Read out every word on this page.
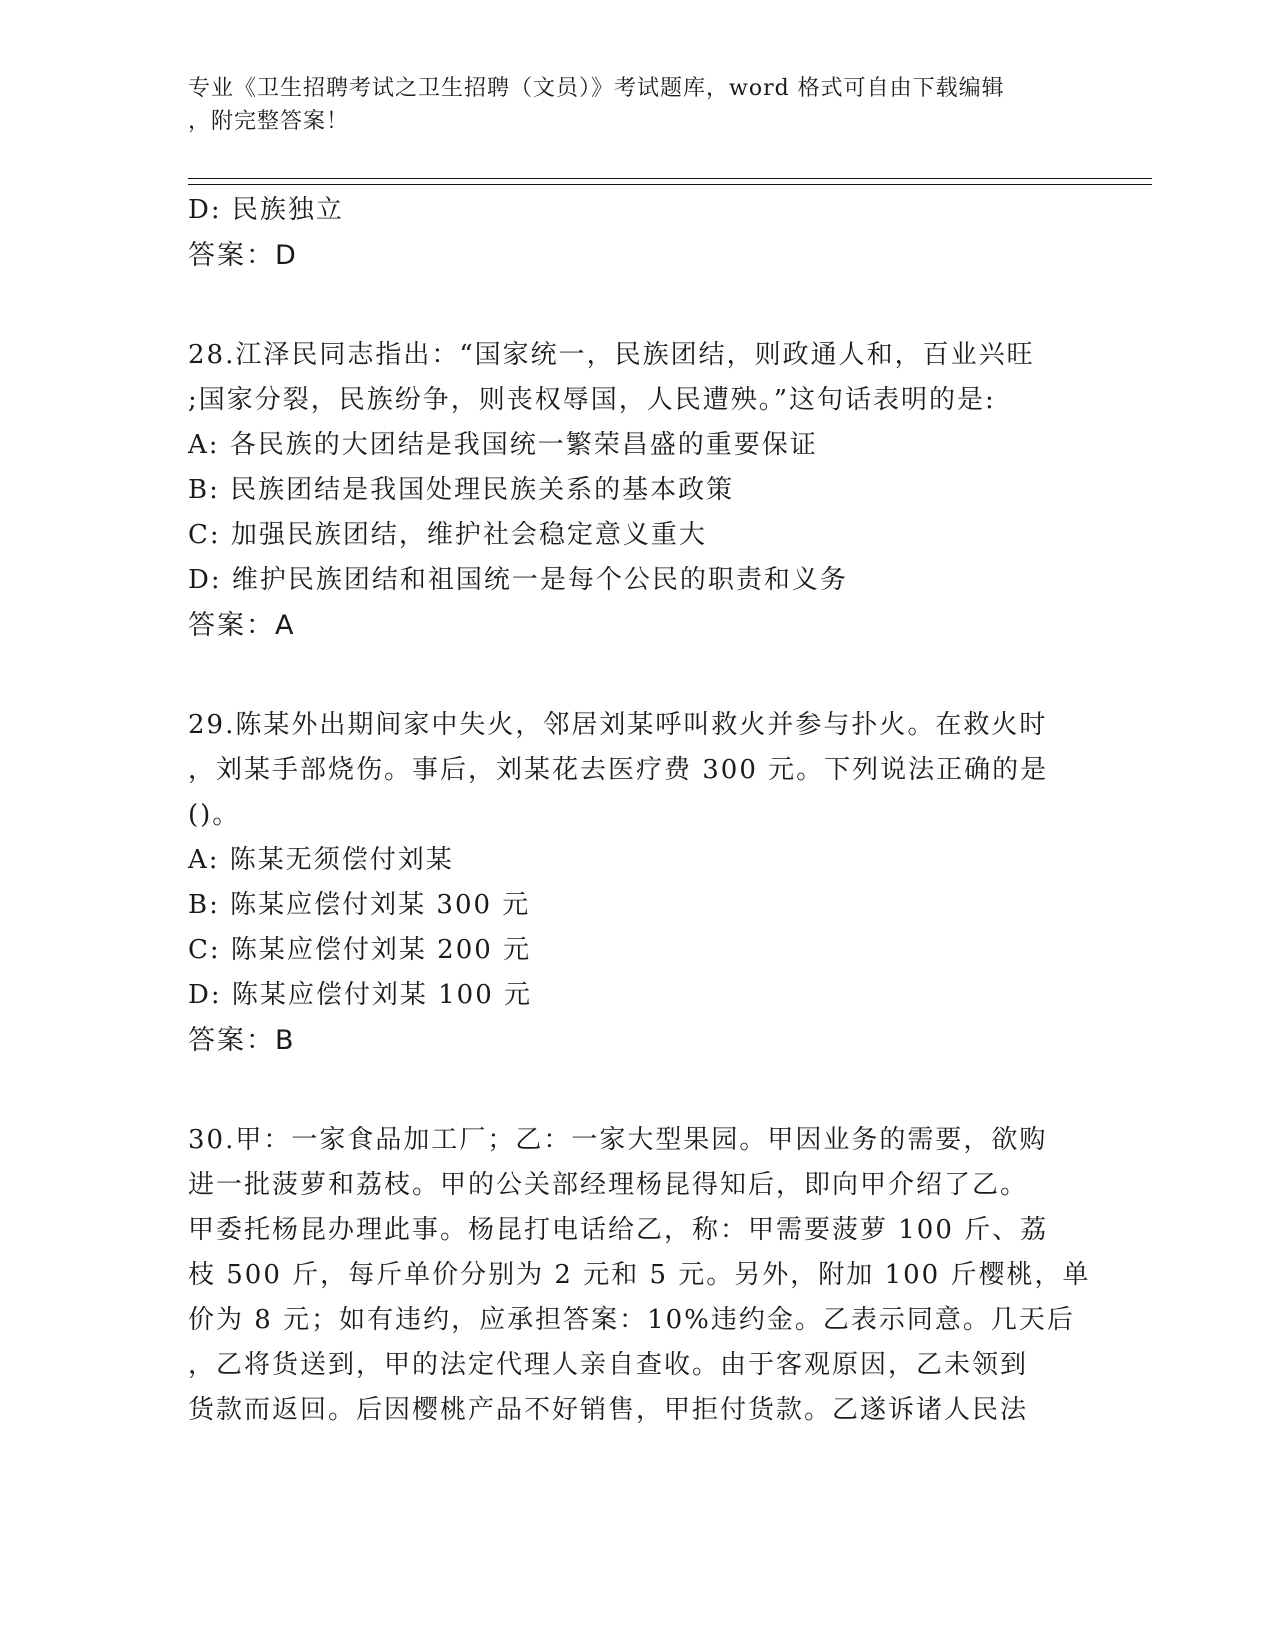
专业《卫生招聘考试之卫生招聘（文员）》考试题库，word 格式可自由下载编辑
，附完整答案！
D: 民族独立
答案：D
28.江泽民同志指出：“国家统一，民族团结，则政通人和，百业兴旺
;国家分裂，民族纷争，则丧权辱国，人民遭殃。”这句话表明的是:
A: 各民族的大团结是我国统一繁荣昌盛的重要保证
B: 民族团结是我国处理民族关系的基本政策
C: 加强民族团结，维护社会稳定意义重大
D: 维护民族团结和祖国统一是每个公民的职责和义务
答案：A
29.陈某外出期间家中失火，邻居刘某呼叫救火并参与扑火。在救火时
，刘某手部烧伤。事后，刘某花去医疗费 300 元。下列说法正确的是
()。
A: 陈某无须偿付刘某
B: 陈某应偿付刘某 300 元
C: 陈某应偿付刘某 200 元
D: 陈某应偿付刘某 100 元
答案：B
30.甲：一家食品加工厂；乙：一家大型果园。甲因业务的需要，欲购
进一批菠萝和荔枝。甲的公关部经理杨昆得知后，即向甲介绍了乙。
甲委托杨昆办理此事。杨昆打电话给乙，称：甲需要菠萝 100 斤、荔
枝 500 斤，每斤单价分别为 2 元和 5 元。另外，附加 100 斤樱桃，单
价为 8 元；如有违约，应承担答案：10%违约金。乙表示同意。几天后
，乙将货送到，甲的法定代理人亲自查收。由于客观原因，乙未领到
货款而返回。后因樱桃产品不好销售，甲拒付货款。乙遂诉诸人民法
